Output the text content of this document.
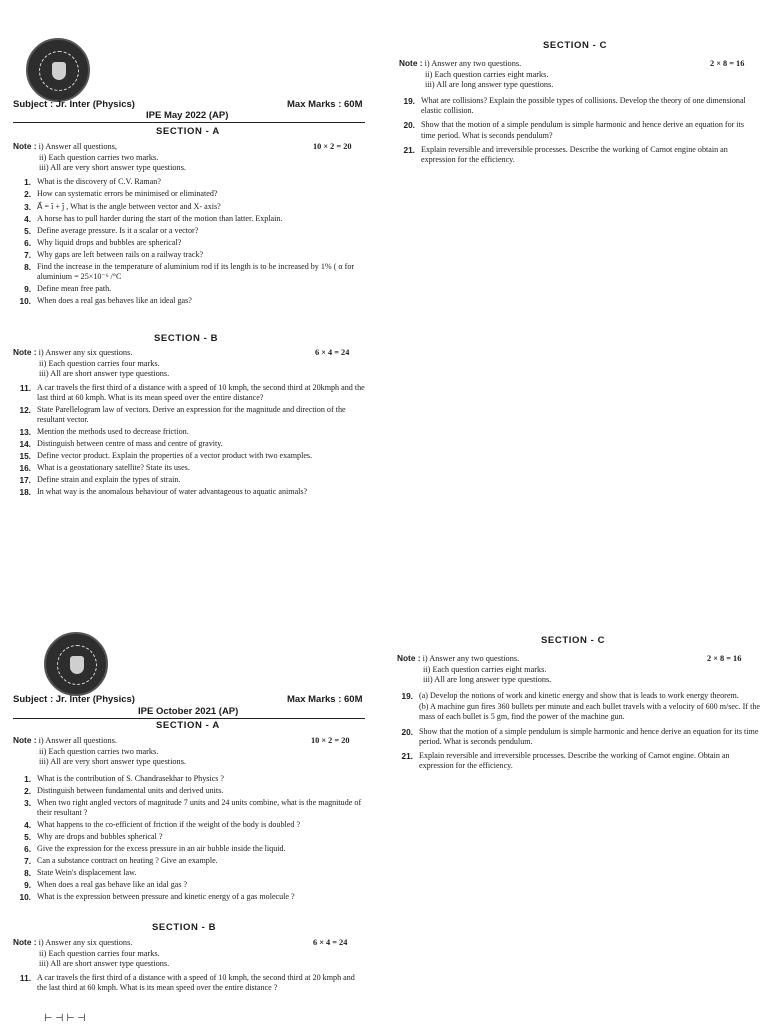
Subject : Jr. Inter (Physics)	Max Marks : 60M
IPE May 2022 (AP)
SECTION - A
Note : i) Answer all questions,
ii) Each question carries two marks.
iii) All are very short answer type questions.
10 × 2 = 20
1. What is the discovery of C.V. Raman?
2. How can systematic errors be minimised or eliminated?
3. A⃗ = î + ĵ , What is the angle between vector and X- axis?
4. A horse has to pull harder during the start of the motion than latter. Explain.
5. Define average pressure. Is it a scalar or a vector?
6. Why liquid drops and bubbles are spherical?
7. Why gaps are left between rails on a railway track?
8. Find the increase in the temperature of aluminium rod if its length is to be increased by 1% ( α for aluminium = 25×10⁻⁶ /°C
9. Define mean free path.
10. When does a real gas behaves like an ideal gas?
SECTION - B
Note : i) Answer any six questions.
ii) Each question carries four marks.
iii) All are short answer type questions.
6 × 4 = 24
11. A car travels the first third of a distance with a speed of 10 kmph, the second third at 20kmph and the last third at 60 kmph. What is its mean speed over the entire distance?
12. State Parellelogram law of vectors. Derive an expression for the magnitude and direction of the resultant vector.
13. Mention the methods used to decrease friction.
14. Distinguish between centre of mass and centre of gravity.
15. Define vector product. Explain the properties of a vector product with two examples.
16. What is a geostationary satellite? State its uses.
17. Define strain and explain the types of strain.
18. In what way is the anomalous behaviour of water advantageous to aquatic animals?
SECTION - C
Note : i) Answer any two questions.
ii) Each question carries eight marks.
iii) All are long answer type questions.
2 × 8 = 16
19. What are collisions? Explain the possible types of collisions. Develop the theory of one dimensional elastic collision.
20. Show that the motion of a simple pendulum is simple harmonic and hence derive an equation for its time period. What is seconds pendulum?
21. Explain reversible and irreversible processes. Describe the working of Carnot engine obtain an expression for the efficiency.
Subject : Jr. Inter (Physics)	Max Marks : 60M
IPE October 2021 (AP)
SECTION - A
Note : i) Answer all questions.
ii) Each question carries two marks.
iii) All are very short answer type questions.
10 × 2 = 20
1. What is the contribution of S. Chandrasekhar to Physics ?
2. Distinguish between fundamental units and derived units.
3. When two right angled vectors of magnitude 7 units and 24 units combine, what is the magnitude of their resultant ?
4. What happens to the co-efficient of friction if the weight of the body is doubled ?
5. Why are drops and bubbles spherical ?
6. Give the expression for the excess pressure in an air bubble inside the liquid.
7. Can a substance contract on heating ? Give an example.
8. State Wein's displacement law.
9. When does a real gas behave like an idal gas ?
10. What is the expression between pressure and kinetic energy of a gas molecule ?
SECTION - B
Note : i) Answer any six questions.
ii) Each question carries four marks.
iii) All are short answer type questions.
6 × 4 = 24
11. A car travels the first third of a distance with a speed of 10 kmph, the second third at 20 kmph and the last third at 60 kmph. What is its mean speed over the entire distance ?
⊢ ⊣ ⊢ ⊣
SECTION - C
Note : i) Answer any two questions.
ii) Each question carries eight marks.
iii) All are long answer type questions.
2 × 8 = 16
19. (a) Develop the notions of work and kinetic energy and show that is leads to work energy theorem.
(b) A machine gun fires 360 bullets per minute and each bullet travels with a velocity of 600 m/sec. If the mass of each bullet is 5 gm, find the power of the machine gun.
20. Show that the motion of a simple pendulum is simple harmonic and hence derive an equation for its time period. What is seconds pendulum.
21. Explain reversible and irreversible processes. Describe the working of Carnot engine. Obtain an expression for the efficiency.
